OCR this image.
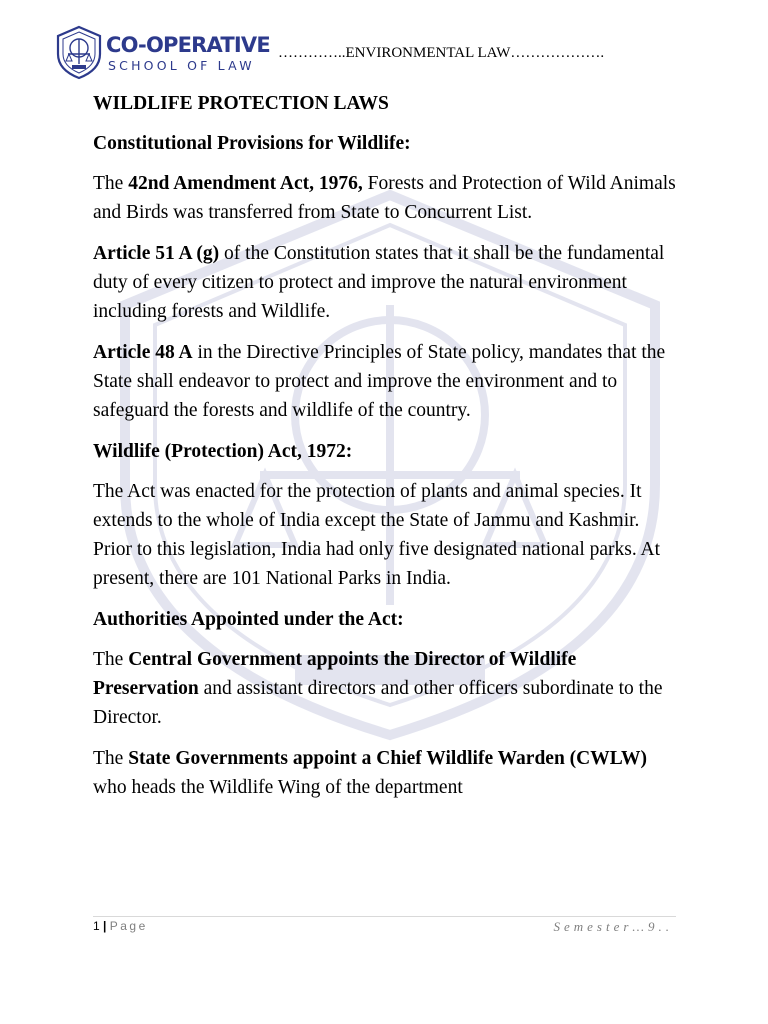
CO-OPERATIVE
SCHOOL OF LAW
…………..ENVIRONMENTAL LAW……………….

WILDLIFE PROTECTION LAWS

Constitutional Provisions for Wildlife:

The 42nd Amendment Act, 1976, Forests and Protection of Wild Animals and Birds was transferred from State to Concurrent List.

Article 51 A (g) of the Constitution states that it shall be the fundamental duty of every citizen to protect and improve the natural environment including forests and Wildlife.

Article 48 A in the Directive Principles of State policy, mandates that the State shall endeavor to protect and improve the environment and to safeguard the forests and wildlife of the country.

Wildlife (Protection) Act, 1972:

The Act was enacted for the protection of plants and animal species. It extends to the whole of India except the State of Jammu and Kashmir. Prior to this legislation, India had only five designated national parks. At present, there are 101 National Parks in India.

Authorities Appointed under the Act:

The Central Government appoints the Director of Wildlife Preservation and assistant directors and other officers subordinate to the Director.

The State Governments appoint a Chief Wildlife Warden (CWLW) who heads the Wildlife Wing of the department

1 | Page	Semester…9..
